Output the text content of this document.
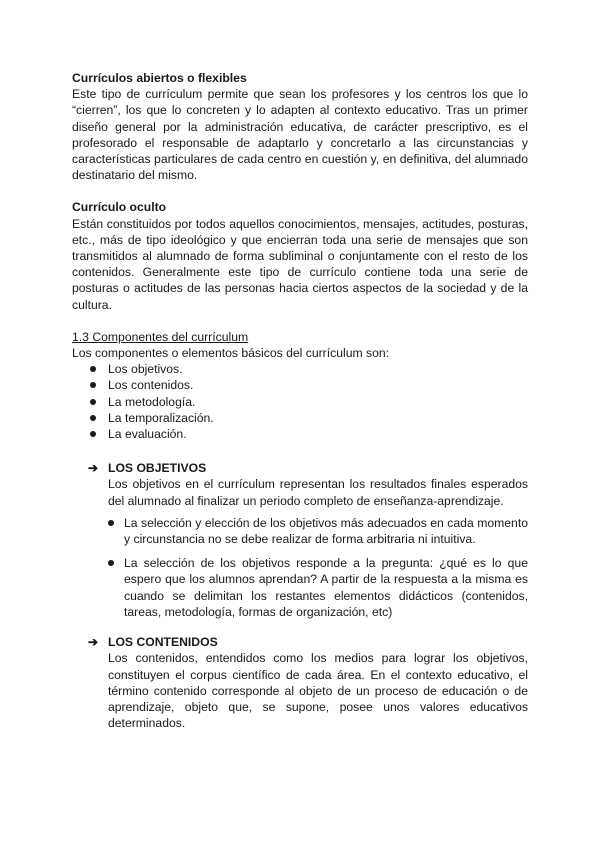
Currículos abiertos o flexibles

Este tipo de currículum permite que sean los profesores y los centros los que lo “cierren”, los que lo concreten y lo adapten al contexto educativo. Tras un primer diseño general por la administración educativa, de carácter prescriptivo, es el profesorado el responsable de adaptarlo y concretarlo a las circunstancias y características particulares de cada centro en cuestión y, en definitiva, del alumnado destinatario del mismo.

Currículo oculto

Están constituidos por todos aquellos conocimientos, mensajes, actitudes, posturas, etc., más de tipo ideológico y que encierran toda una serie de mensajes que son transmitidos al alumnado de forma subliminal o conjuntamente con el resto de los contenidos. Generalmente este tipo de currículo contiene toda una serie de posturas o actitudes de las personas hacia ciertos aspectos de la sociedad y de la cultura.

1.3 Componentes del currículum
Los componentes o elementos básicos del currículum son:
Los objetivos.
Los contenidos.
La metodología.
La temporalización.
La evaluación.
➔ LOS OBJETIVOS
Los objetivos en el currículum representan los resultados finales esperados del alumnado al finalizar un periodo completo de enseñanza-aprendizaje.
La selección y elección de los objetivos más adecuados en cada momento y circunstancia no se debe realizar de forma arbitraria ni intuitiva.
La selección de los objetivos responde a la pregunta: ¿qué es lo que espero que los alumnos aprendan? A partir de la respuesta a la misma es cuando se delimitan los restantes elementos didácticos (contenidos, tareas, metodología, formas de organización, etc)
➔ LOS CONTENIDOS
Los contenidos, entendidos como los medios para lograr los objetivos, constituyen el corpus científico de cada área. En el contexto educativo, el término contenido corresponde al objeto de un proceso de educación o de aprendizaje, objeto que, se supone, posee unos valores educativos determinados.
